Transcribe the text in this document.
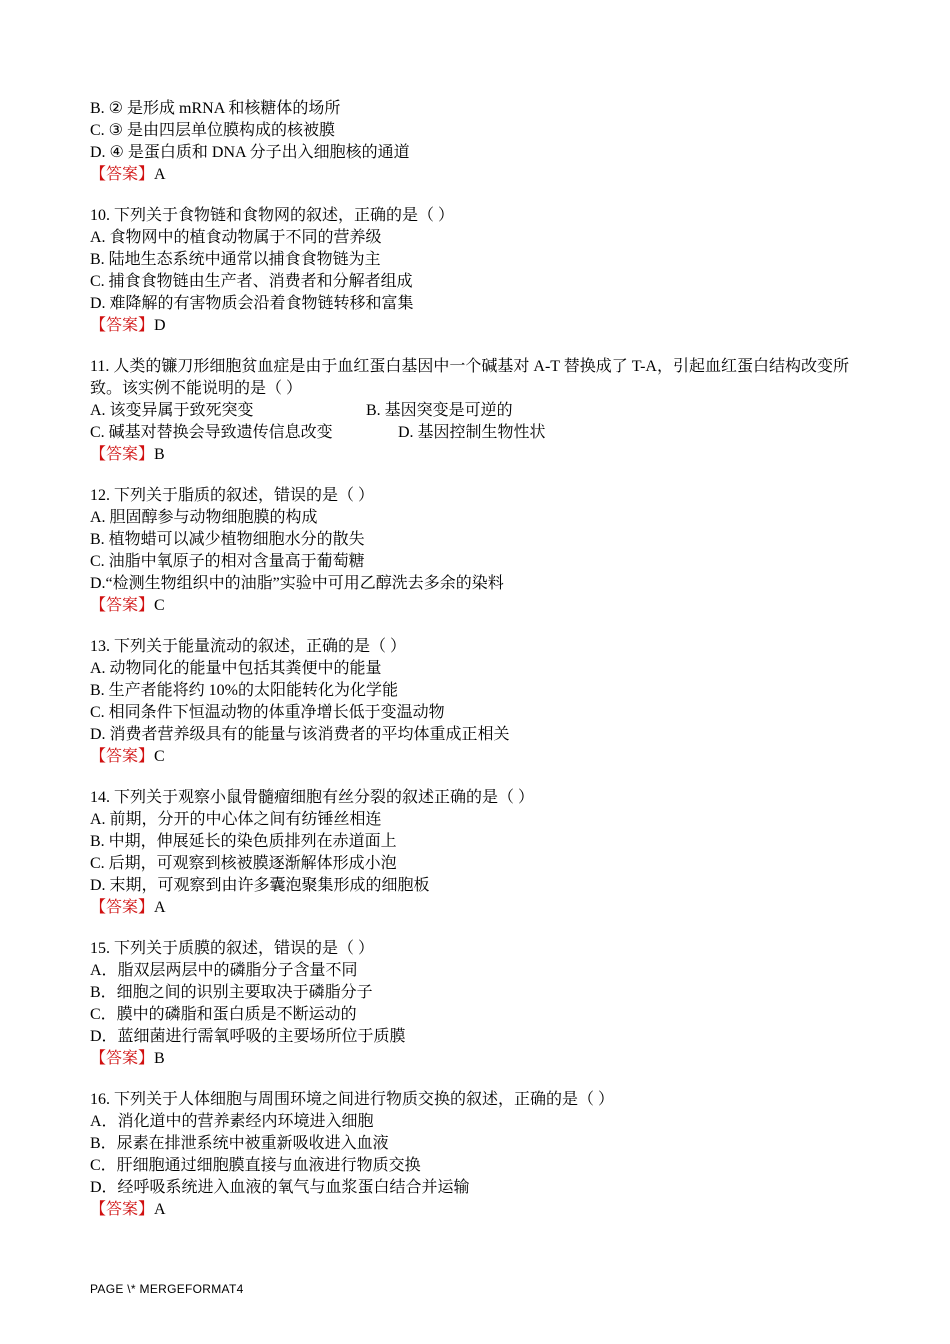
B. ② 是形成 mRNA 和核糖体的场所
C. ③ 是由四层单位膜构成的核被膜
D. ④ 是蛋白质和 DNA 分子出入细胞核的通道
【答案】A
10. 下列关于食物链和食物网的叙述，正确的是（ ）
A. 食物网中的植食动物属于不同的营养级
B. 陆地生态系统中通常以捕食食物链为主
C. 捕食食物链由生产者、消费者和分解者组成
D. 难降解的有害物质会沿着食物链转移和富集
【答案】D
11. 人类的镰刀形细胞贫血症是由于血红蛋白基因中一个碱基对 A-T 替换成了 T-A，引起血红蛋白结构改变所致。该实例不能说明的是（ ）
A. 该变异属于致死突变	B. 基因突变是可逆的
C. 碱基对替换会导致遗传信息改变	D. 基因控制生物性状
【答案】B
12. 下列关于脂质的叙述，错误的是（ ）
A. 胆固醇参与动物细胞膜的构成
B. 植物蜡可以减少植物细胞水分的散失
C. 油脂中氧原子的相对含量高于葡萄糖
D.“检测生物组织中的油脂”实验中可用乙醇洗去多余的染料
【答案】C
13. 下列关于能量流动的叙述，正确的是（ ）
A. 动物同化的能量中包括其粪便中的能量
B. 生产者能将约 10%的太阳能转化为化学能
C. 相同条件下恒温动物的体重净增长低于变温动物
D. 消费者营养级具有的能量与该消费者的平均体重成正相关
【答案】C
14. 下列关于观察小鼠骨髓瘤细胞有丝分裂的叙述正确的是（ ）
A. 前期，分开的中心体之间有纺锤丝相连
B. 中期，伸展延长的染色质排列在赤道面上
C. 后期，可观察到核被膜逐渐解体形成小泡
D. 末期，可观察到由许多囊泡聚集形成的细胞板
【答案】A
15. 下列关于质膜的叙述，错误的是（ ）
A．脂双层两层中的磷脂分子含量不同
B．细胞之间的识别主要取决于磷脂分子
C．膜中的磷脂和蛋白质是不断运动的
D．蓝细菌进行需氧呼吸的主要场所位于质膜
【答案】B
16. 下列关于人体细胞与周围环境之间进行物质交换的叙述，正确的是（ ）
A．消化道中的营养素经内环境进入细胞
B．尿素在排泄系统中被重新吸收进入血液
C．肝细胞通过细胞膜直接与血液进行物质交换
D．经呼吸系统进入血液的氧气与血浆蛋白结合并运输
【答案】A
PAGE \* MERGEFORMAT4
